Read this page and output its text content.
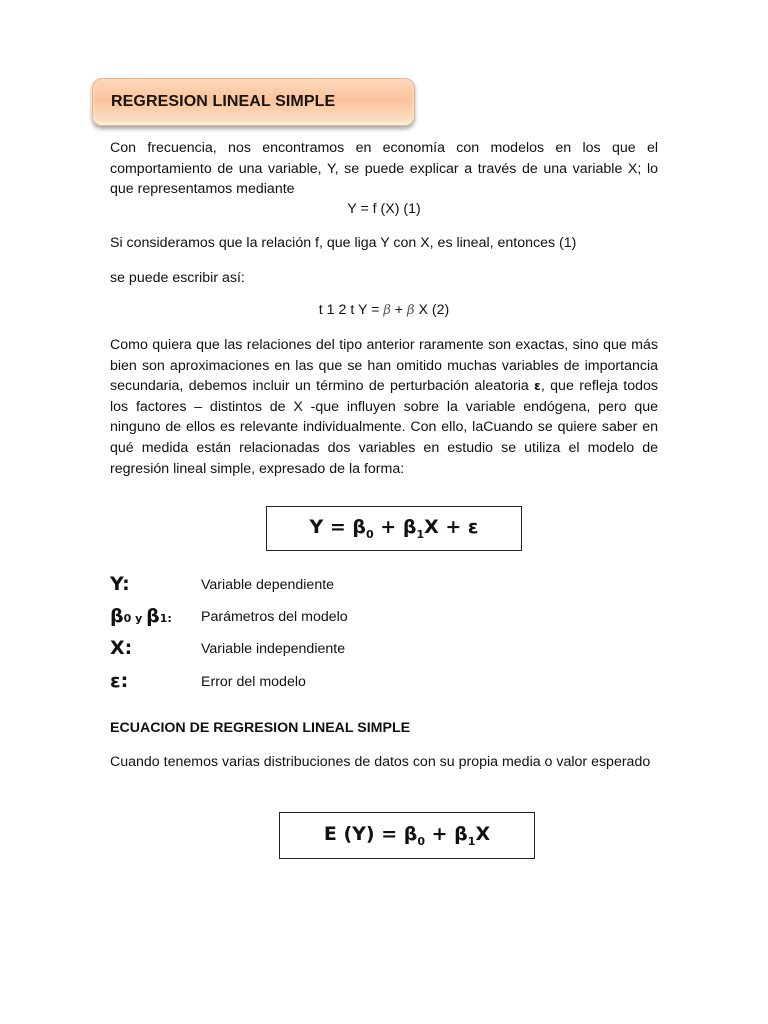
REGRESION LINEAL SIMPLE

Con frecuencia, nos encontramos en economía con modelos en los que el comportamiento de una variable, Y, se puede explicar a través de una variable X; lo que representamos mediante

Y = f (X) (1)

Si consideramos que la relación f, que liga Y con X, es lineal, entonces (1)

se puede escribir así:

t 1 2 t Y = β + β X (2)

Como quiera que las relaciones del tipo anterior raramente son exactas, sino que más bien son aproximaciones en las que se han omitido muchas variables de importancia secundaria, debemos incluir un término de perturbación aleatoria ε, que refleja todos los factores – distintos de X -que influyen sobre la variable endógena, pero que ninguno de ellos es relevante individualmente. Con ello, laCuando se quiere saber en qué medida están relacionadas dos variables en estudio se utiliza el modelo de regresión lineal simple, expresado de la forma:

$Y = \beta_0 + \beta_1X + \varepsilon$
Y:	Variable dependiente
β0 y β1: Parámetros del modelo
X:	Variable independiente
ε:	Error del modelo
ECUACION DE REGRESION LINEAL SIMPLE

Cuando tenemos varias distribuciones de datos con su propia media o valor esperado

E $(Y) = \beta_0 + \beta_1X$
